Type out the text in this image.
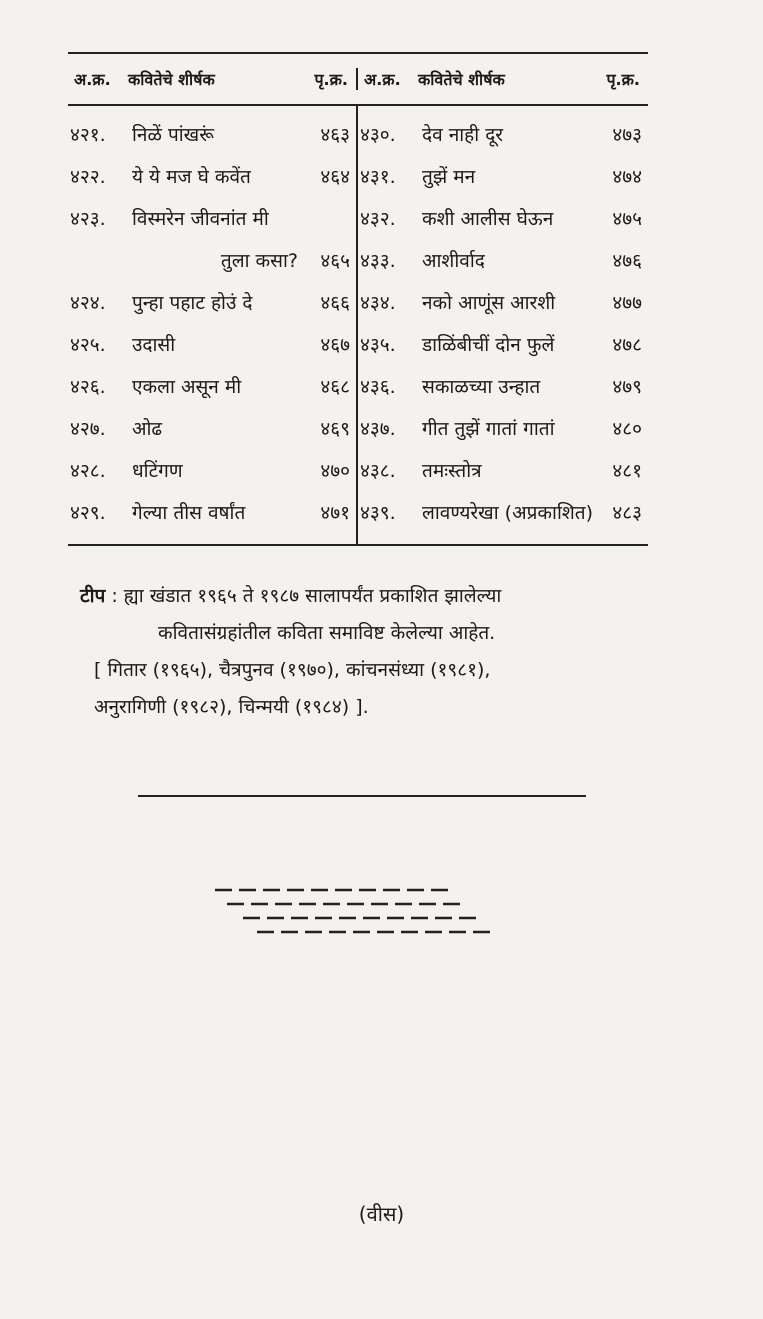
अ.क्र.	कवितेचे शीर्षक	पृ.क्र. अ.क्र.	कवितेचे शीर्षक	पृ.क्र.
४२१.	निळें पांखरूं	४६३
४२२.	ये ये मज घे कवेंत	४६४
४२३.	विस्मरेन जीवनांत मी
तुला कसा?	४६५
४२४.	पुन्हा पहाट होउं दे	४६६
४२५.	उदासी	४६७
४२६.	एकला असून मी	४६८
४२७.	ओढ	४६९
४२८.	धटिंगण	४७०
४२९.	गेल्या तीस वर्षांत	४७१
४३०.	देव नाही दूर	४७३
४३१.	तुझें मन	४७४
४३२.	कशी आलीस घेऊन	४७५
४३३.	आशीर्वाद	४७६
४३४.	नको आणूंस आरशी	४७७
४३५.	डाळिंबीचीं दोन फुलें	४७८
४३६.	सकाळच्या उन्हात	४७९
४३७.	गीत तुझें गातां गातां	४८०
४३८.	तमःस्तोत्र	४८१
४३९.	लावण्यरेखा (अप्रकाशित)	४८३
टीप : ह्या खंडात १९६५ ते १९८७ सालापर्यंत प्रकाशित झालेल्या
कवितासंग्रहांतील कविता समाविष्ट केलेल्या आहेत.
[ गितार (१९६५), चैत्रपुनव (१९७०), कांचनसंध्या (१९८१),
अनुरागिणी (१९८२), चिन्मयी (१९८४) ].
(वीस)
